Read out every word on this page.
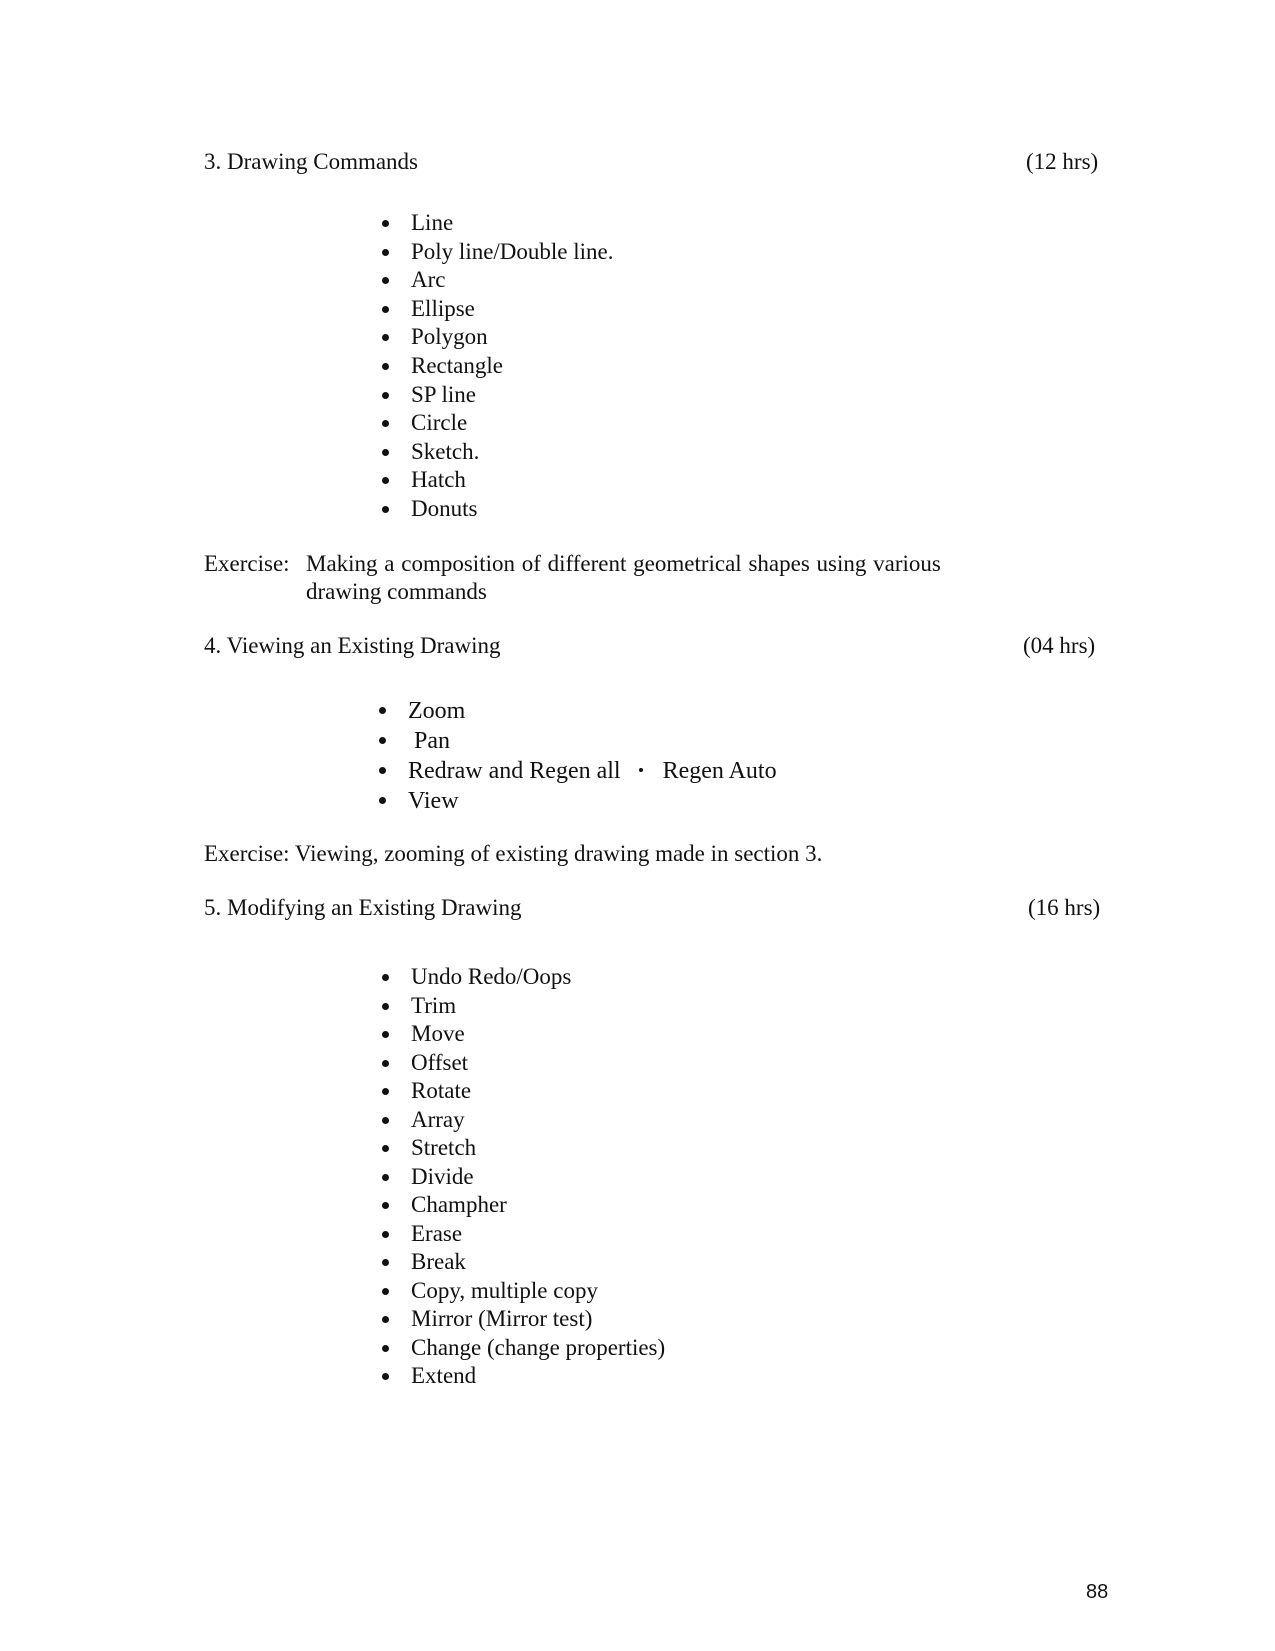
3. Drawing Commands	(12 hrs)
Line
Poly line/Double line.
Arc
Ellipse
Polygon
Rectangle
SP line
Circle
Sketch.
Hatch
Donuts
Exercise: Making a composition of different geometrical shapes using various
drawing commands
4. Viewing an Existing Drawing	(04 hrs)
Zoom
Pan
Redraw and Regen all Regen Auto
View
Exercise: Viewing, zooming of existing drawing made in section 3.
5. Modifying an Existing Drawing	(16 hrs)
Undo Redo/Oops
Trim
Move
Offset
Rotate
Array
Stretch
Divide
Champher
Erase
Break
Copy, multiple copy
Mirror (Mirror test)
Change (change properties)
Extend
88
